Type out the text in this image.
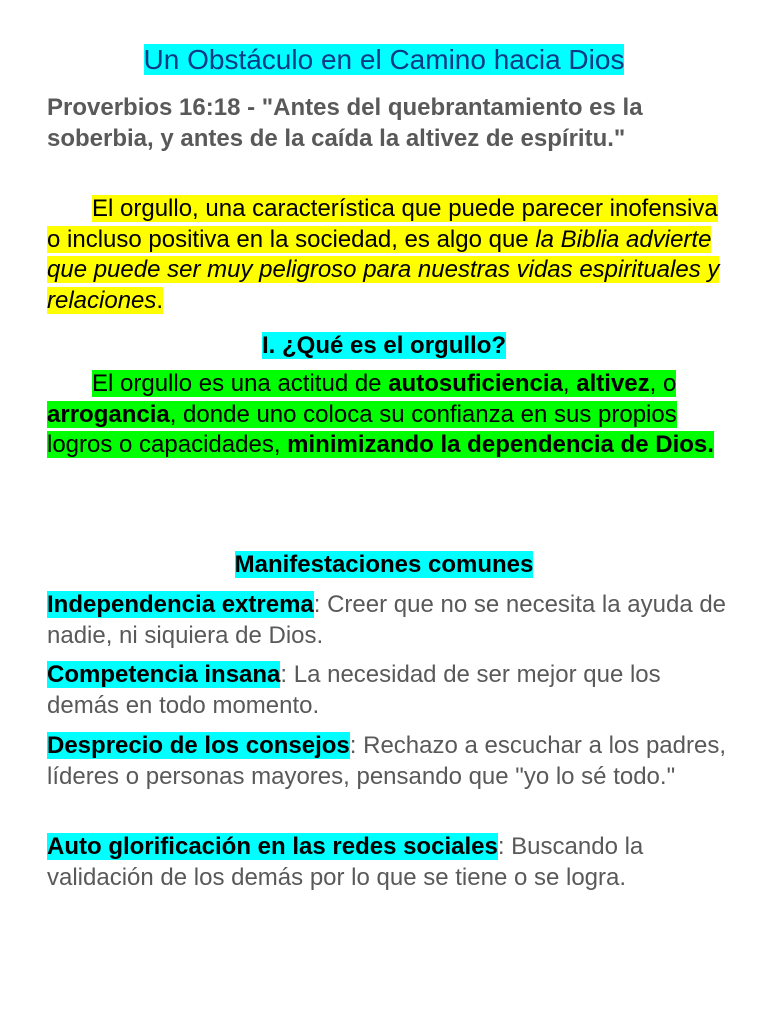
Un Obstáculo en el Camino hacia Dios
Proverbios 16:18 - "Antes del quebrantamiento es la soberbia, y antes de la caída la altivez de espíritu."
El orgullo, una característica que puede parecer inofensiva o incluso positiva en la sociedad, es algo que la Biblia advierte que puede ser muy peligroso para nuestras vidas espirituales y relaciones.
I. ¿Qué es el orgullo?
El orgullo es una actitud de autosuficiencia, altivez, o arrogancia, donde uno coloca su confianza en sus propios logros o capacidades, minimizando la dependencia de Dios.
Manifestaciones comunes
Independencia extrema: Creer que no se necesita la ayuda de nadie, ni siquiera de Dios.
Competencia insana: La necesidad de ser mejor que los demás en todo momento.
Desprecio de los consejos: Rechazo a escuchar a los padres, líderes o personas mayores, pensando que "yo lo sé todo."
Auto glorificación en las redes sociales: Buscando la validación de los demás por lo que se tiene o se logra.
